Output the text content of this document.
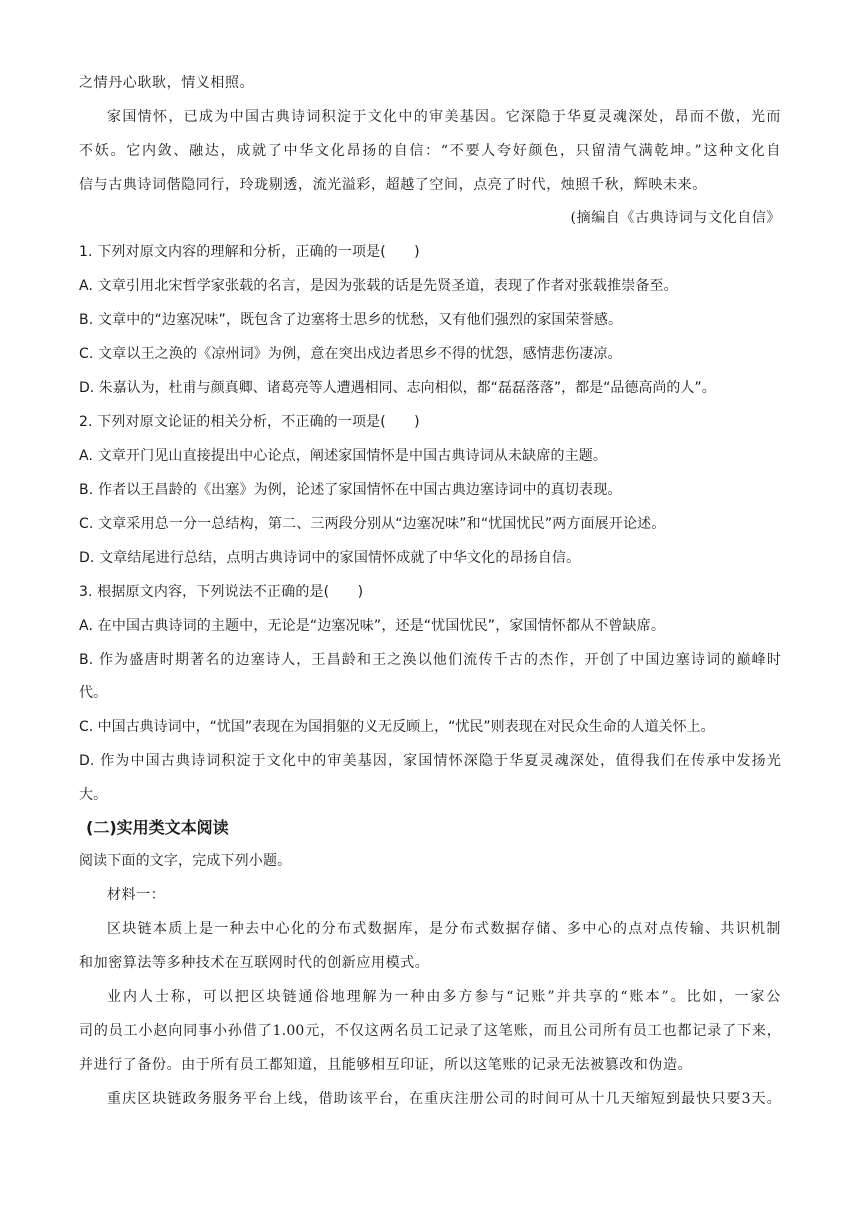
之情丹心耿耿，情义相照。
家国情怀，已成为中国古典诗词积淀于文化中的审美基因。它深隐于华夏灵魂深处，昂而不傲，光而
不妖。它内敛、融达，成就了中华文化昂扬的自信：“不要人夸好颜色，只留清气满乾坤。”这种文化自
信与古典诗词偕隐同行，玲珑剔透，流光溢彩，超越了空间，点亮了时代，烛照千秋，辉映未来。
(摘编自《古典诗词与文化自信》
1. 下列对原文内容的理解和分析，正确的一项是(　　)
A. 文章引用北宋哲学家张载的名言，是因为张载的话是先贤圣道，表现了作者对张载推崇备至。
B. 文章中的“边塞况味”，既包含了边塞将士思乡的忧愁，又有他们强烈的家国荣誉感。
C. 文章以王之涣的《凉州词》为例，意在突出戍边者思乡不得的忧怨，感情悲伤凄凉。
D. 朱嘉认为，杜甫与颜真卿、诸葛亮等人遭遇相同、志向相似，都“磊磊落落”，都是“品德高尚的人”。
2. 下列对原文论证的相关分析，不正确的一项是(　　)
A. 文章开门见山直接提出中心论点，阐述家国情怀是中国古典诗词从未缺席的主题。
B. 作者以王昌龄的《出塞》为例，论述了家国情怀在中国古典边塞诗词中的真切表现。
C. 文章采用总一分一总结构，第二、三两段分别从“边塞况味”和“忧国忧民”两方面展开论述。
D. 文章结尾进行总结，点明古典诗词中的家国情怀成就了中华文化的昂扬自信。
3. 根据原文内容，下列说法不正确的是(　　)
A. 在中国古典诗词的主题中，无论是“边塞况味”，还是“忧国忧民”，家国情怀都从不曾缺席。
B. 作为盛唐时期著名的边塞诗人，王昌龄和王之涣以他们流传千古的杰作，开创了中国边塞诗词的巅峰时
代。
C. 中国古典诗词中，“忧国”表现在为国捐躯的义无反顾上，“忧民”则表现在对民众生命的人道关怀上。
D. 作为中国古典诗词积淀于文化中的审美基因，家国情怀深隐于华夏灵魂深处，值得我们在传承中发扬光
大。
(二)实用类文本阅读
阅读下面的文字，完成下列小题。
材料一：
区块链本质上是一种去中心化的分布式数据库，是分布式数据存储、多中心的点对点传输、共识机制
和加密算法等多种技术在互联网时代的创新应用模式。
业内人士称，可以把区块链通俗地理解为一种由多方参与“记账”并共享的“账本”。比如，一家公
司的员工小赵向同事小孙借了1.00元，不仅这两名员工记录了这笔账，而且公司所有员工也都记录了下来，
并进行了备份。由于所有员工都知道，且能够相互印证，所以这笔账的记录无法被篡改和伪造。
重庆区块链政务服务平台上线，借助该平台，在重庆注册公司的时间可从十几天缩短到最快只要3天。
